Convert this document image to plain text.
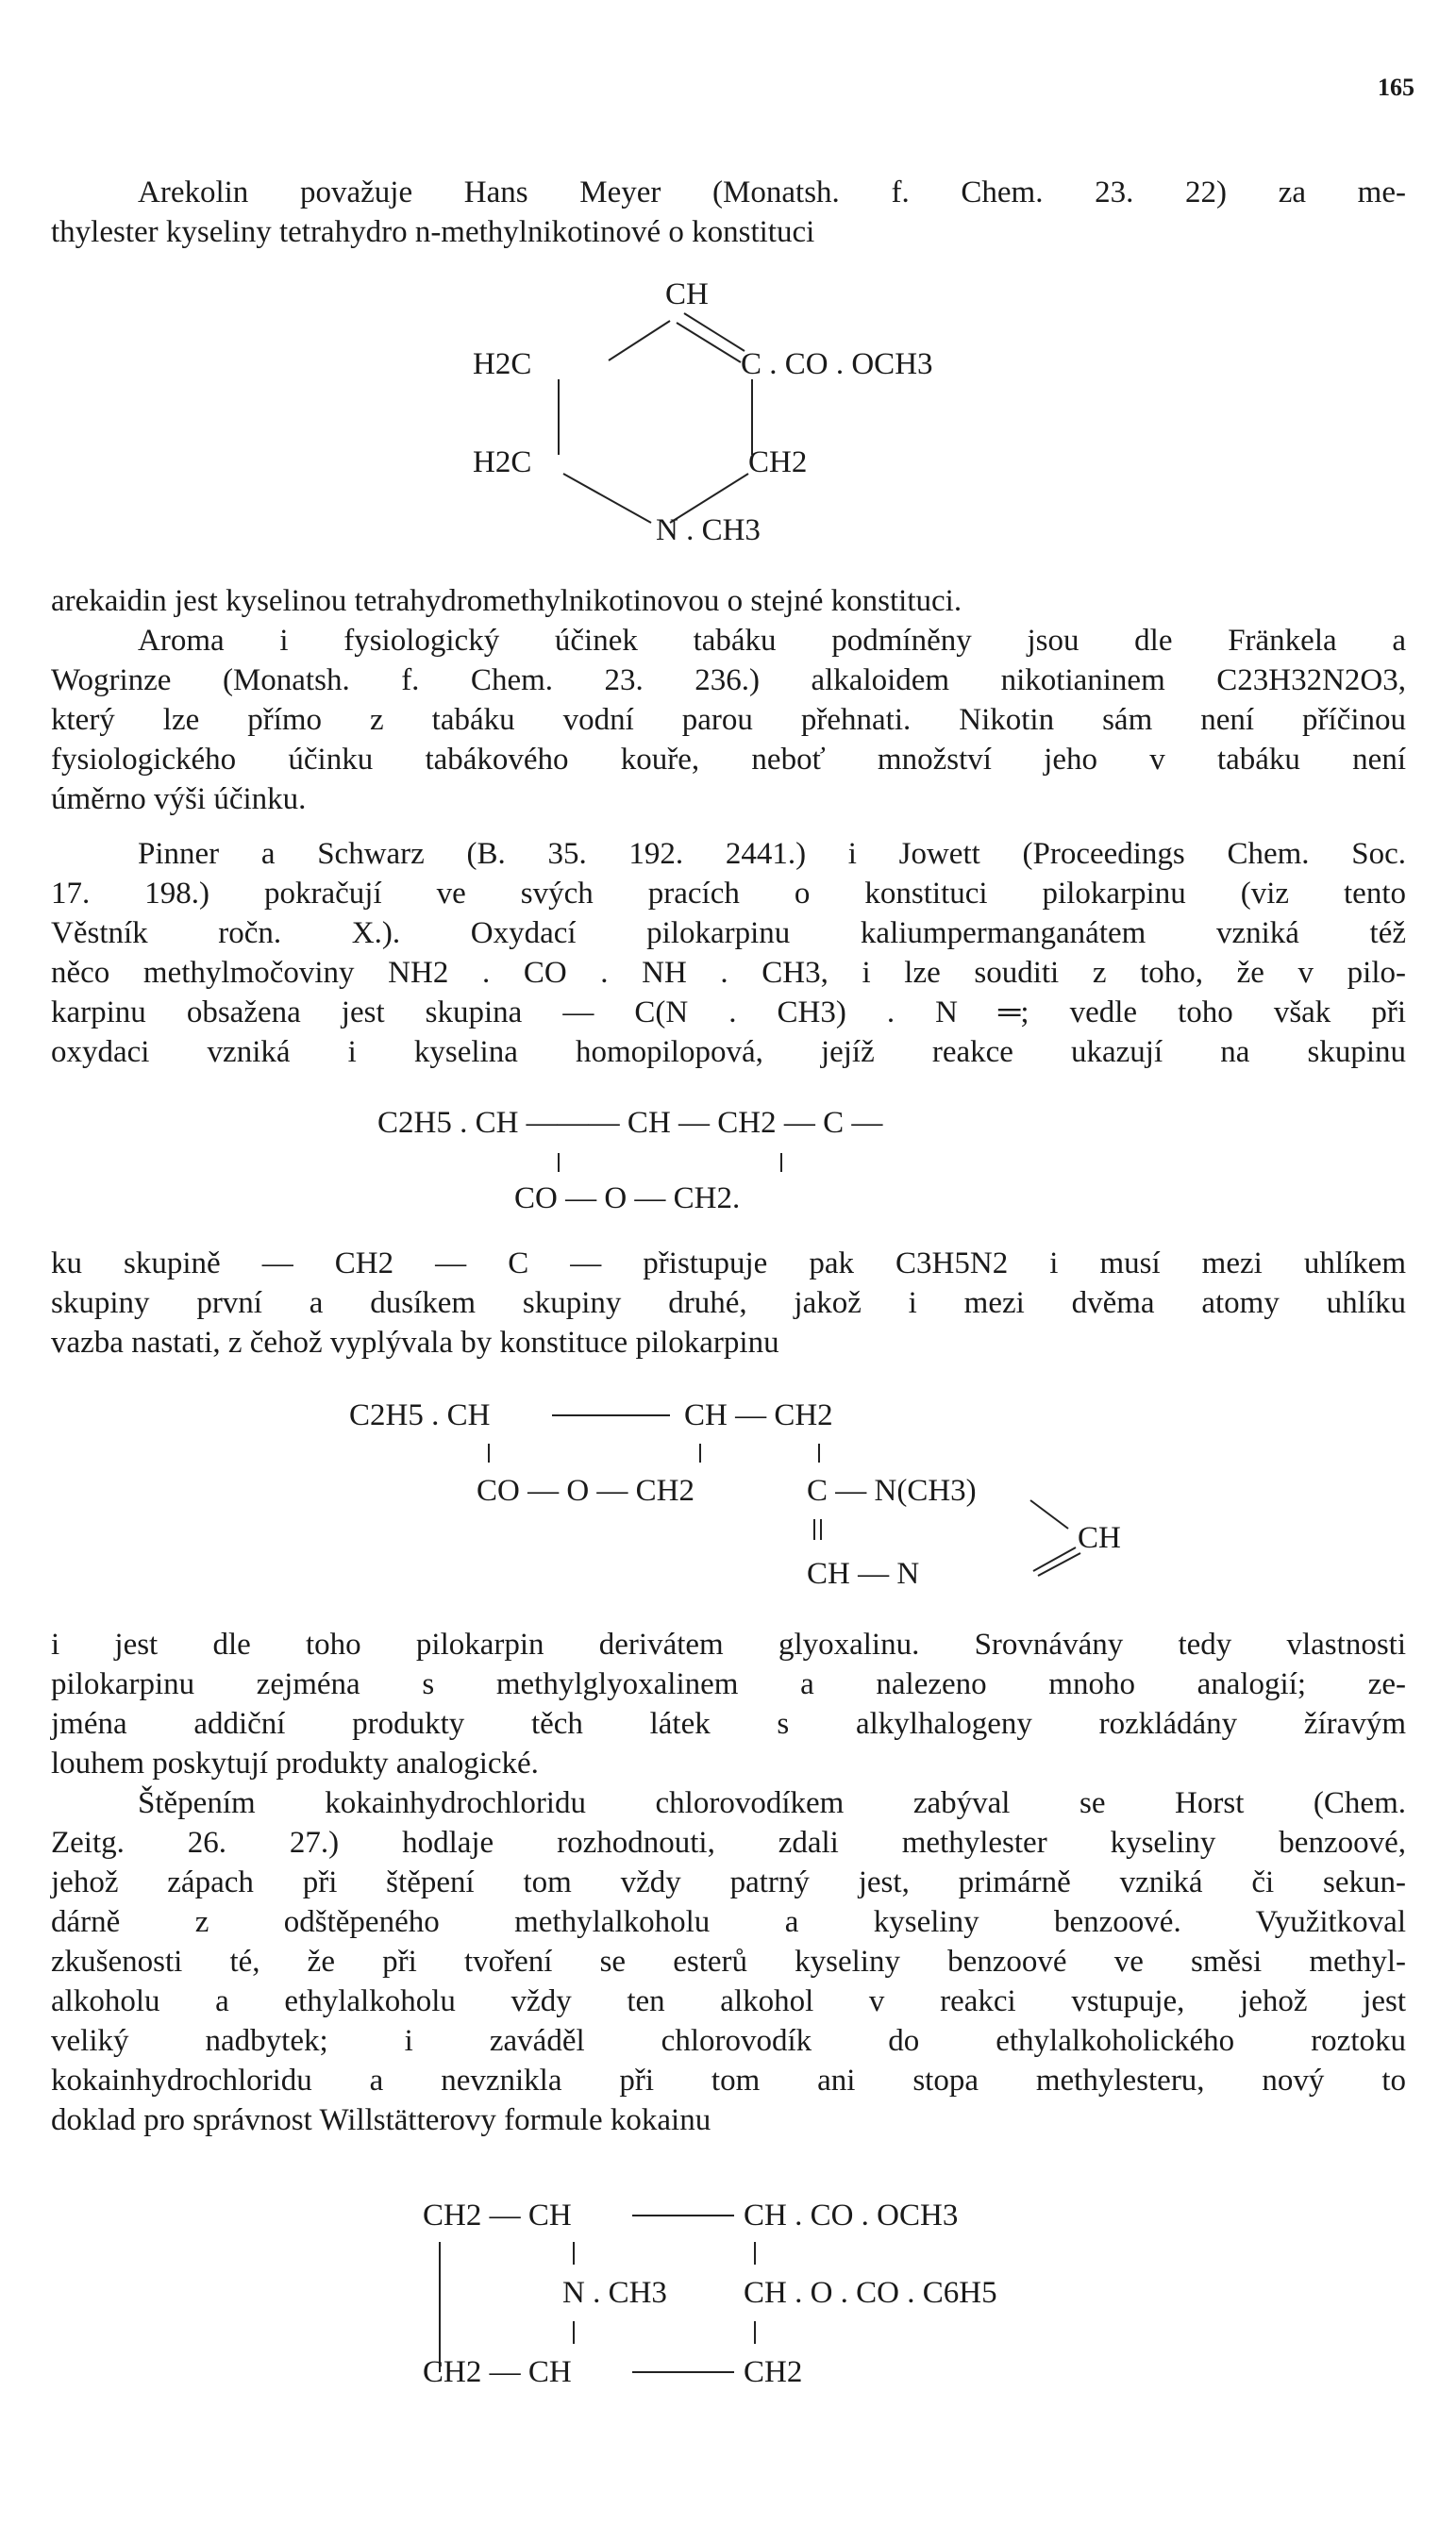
165
Arekolin považuje Hans Meyer (Monatsh. f. Chem. 23. 22) za me-
thylester kyseliny tetrahydro n-methylnikotinové o konstituci
CH
H2C	C . CO . OCH3
H2C	CH2
N . CH3
arekaidin jest kyselinou tetrahydromethylnikotinovou o stejné konstituci.
Aroma i fysiologický účinek tabáku podmíněny jsou dle Fränkela a
Wogrinze (Monatsh. f. Chem. 23. 236.) alkaloidem nikotianinem C23H32N2O3,
který lze přímo z tabáku vodní parou přehnati. Nikotin sám není příčinou
fysiologického účinku tabákového kouře, neboť množství jeho v tabáku není
úměrno výši účinku.
Pinner a Schwarz (B. 35. 192. 2441.) i Jowett (Proceedings Chem. Soc.
17. 198.) pokračují ve svých pracích o konstituci pilokarpinu (viz tento
Věstník ročn. X.). Oxydací pilokarpinu kaliumpermanganátem vzniká též
něco methylmočoviny NH2 . CO . NH . CH3, i lze souditi z toho, že v pilo-
karpinu obsažena jest skupina — C(N . CH3) . N ═; vedle toho však při
oxydaci vzniká i kyselina homopilopová, jejíž reakce ukazují na skupinu
C2H5 . CH ——— CH — CH2 — C —
CO — O — CH2.
ku skupině — CH2 — C — přistupuje pak C3H5N2 i musí mezi uhlíkem
skupiny první a dusíkem skupiny druhé, jakož i mezi dvěma atomy uhlíku
vazba nastati, z čehož vyplývala by konstituce pilokarpinu
C2H5 . CH	CH — CH2
CO — O — CH2	C — N(CH3)
CH
CH — N
i jest dle toho pilokarpin derivátem glyoxalinu. Srovnávány tedy vlastnosti
pilokarpinu zejména s methylglyoxalinem a nalezeno mnoho analogií; ze-
jména addiční produkty těch látek s alkylhalogeny rozkládány žíravým
louhem poskytují produkty analogické.
Štěpením kokainhydrochloridu chlorovodíkem zabýval se Horst (Chem.
Zeitg. 26. 27.) hodlaje rozhodnouti, zdali methylester kyseliny benzoové,
jehož zápach při štěpení tom vždy patrný jest, primárně vzniká či sekun-
dárně z odštěpeného methylalkoholu a kyseliny benzoové. Využitkoval
zkušenosti té, že při tvoření se esterů kyseliny benzoové ve směsi methyl-
alkoholu a ethylalkoholu vždy ten alkohol v reakci vstupuje, jehož jest
veliký nadbytek; i zaváděl chlorovodík do ethylalkoholického roztoku
kokainhydrochloridu a nevznikla při tom ani stopa methylesteru, nový to
doklad pro správnost Willstätterovy formule kokainu
CH2 — CH	CH . CO . OCH3
N . CH3 CH . O . CO . C6H5
CH2 — CH	CH2
